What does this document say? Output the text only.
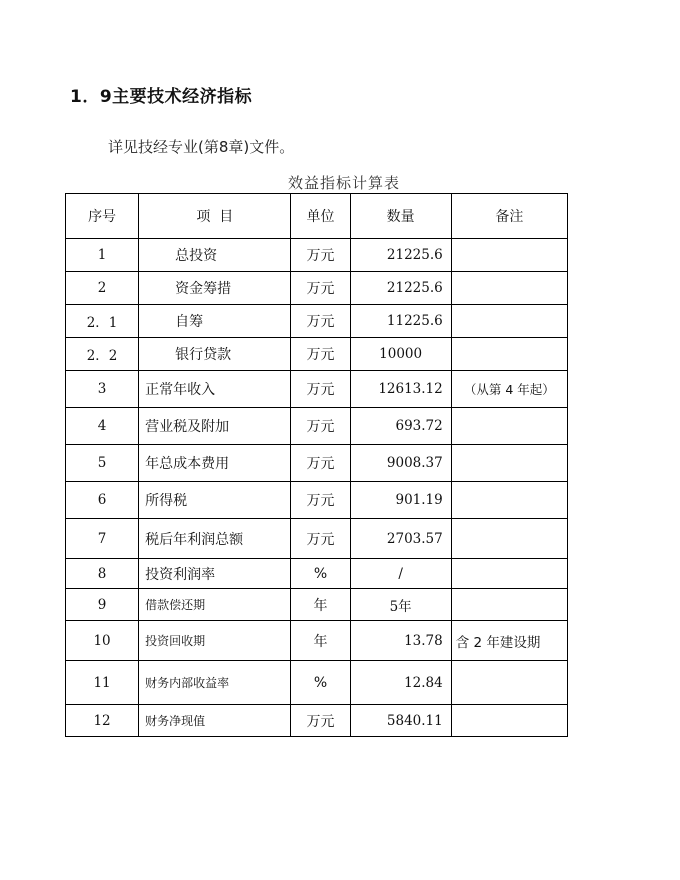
1．9主要技术经济指标
详见技经专业(第8章)文件。
效益指标计算表
序号	项  目	单位	数量	备注
1	总投资	万元	21225.6	
2	资金筹措	万元	21225.6	
2．1	自筹	万元	11225.6	
2．2	银行贷款	万元	10000	
3	正常年收入	万元	12613.12	（从第 4 年起）
4	营业税及附加	万元	693.72	
5	年总成本费用	万元	9008.37	
6	所得税	万元	901.19	
7	税后年利润总额	万元	2703.57	
8	投资利润率	%	/	
9	借款偿还期	年	5年	
10	投资回收期	年	13.78	含 2 年建设期
11	财务内部收益率	%	12.84	
12	财务净现值	万元	5840.11	
